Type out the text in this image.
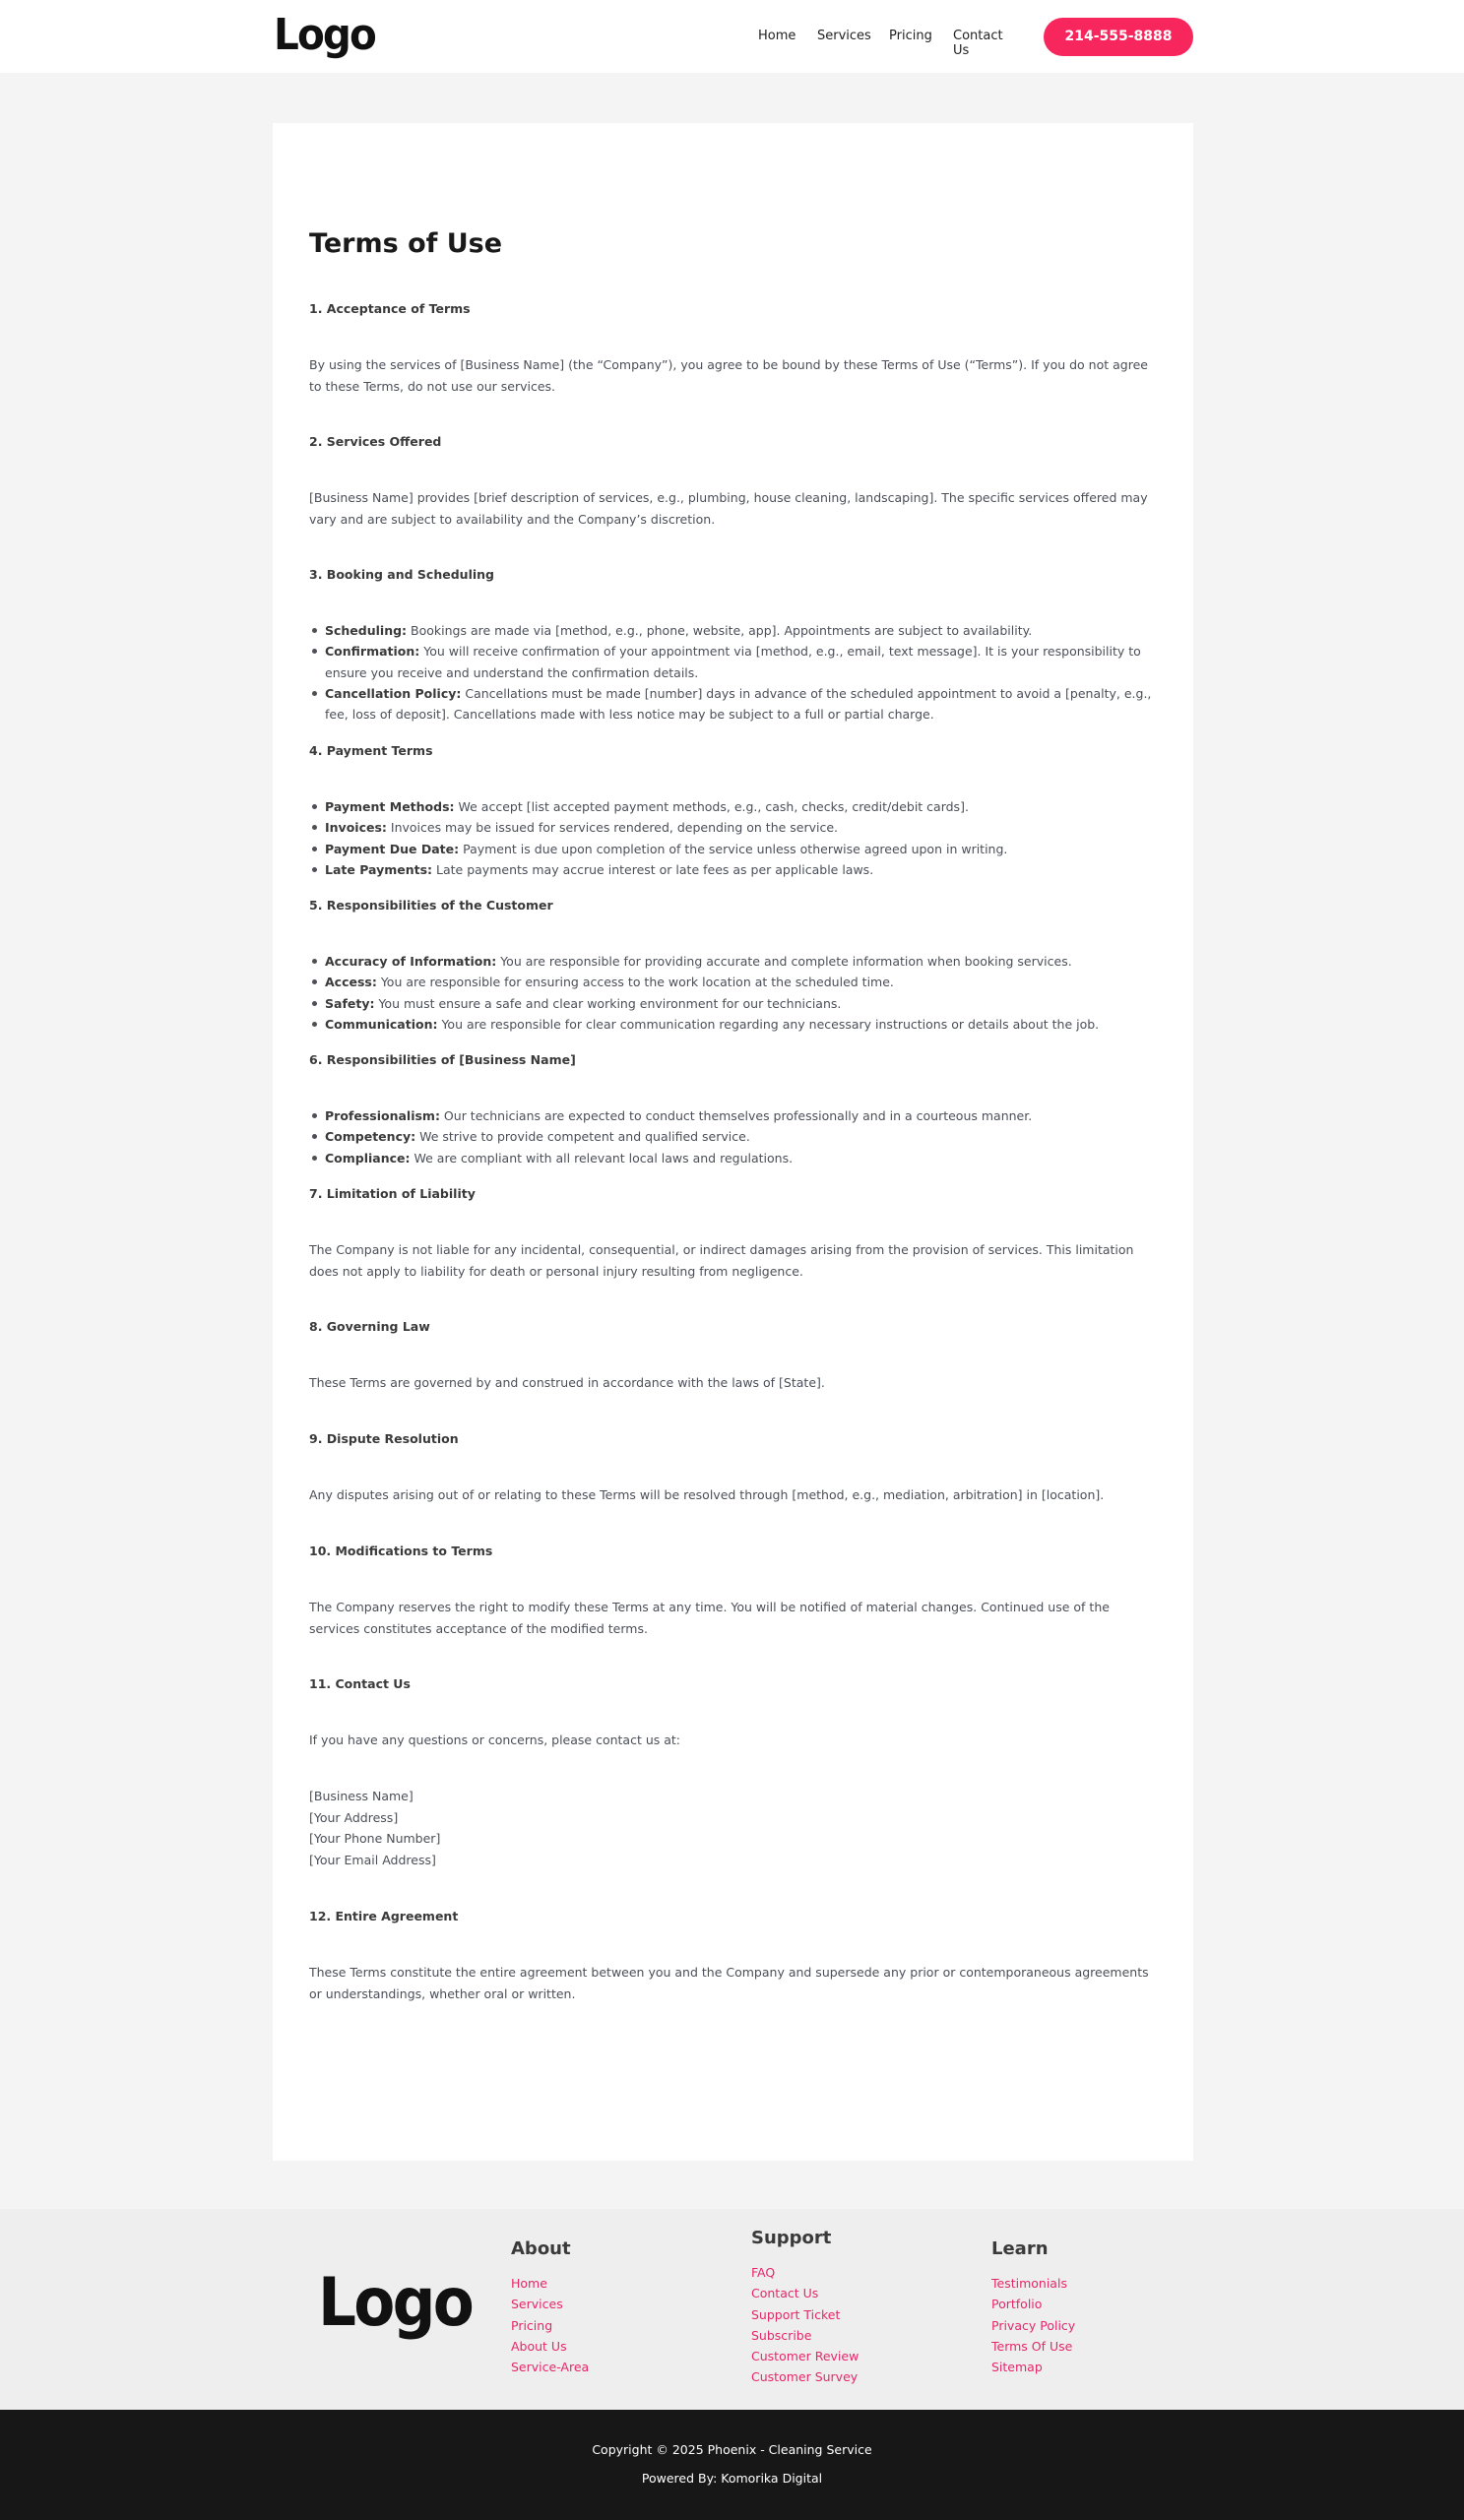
Logo	Home Services Pricing Contact Us
214-555-8888
Terms of Use
1. Acceptance of Terms

By using the services of [Business Name] (the “Company”), you agree to be bound by these Terms of Use (“Terms”). If you do not agree to these Terms, do not use our services.

2. Services Offered

[Business Name] provides [brief description of services, e.g., plumbing, house cleaning, landscaping]. The specific services offered may vary and are subject to availability and the Company’s discretion.

3. Booking and Scheduling
Scheduling: Bookings are made via [method, e.g., phone, website, app]. Appointments are subject to availability.
Confirmation: You will receive confirmation of your appointment via [method, e.g., email, text message]. It is your responsibility to ensure you receive and understand the confirmation details.
Cancellation Policy: Cancellations must be made [number] days in advance of the scheduled appointment to avoid a [penalty, e.g., fee, loss of deposit]. Cancellations made with less notice may be subject to a full or partial charge.
4. Payment Terms
Payment Methods: We accept [list accepted payment methods, e.g., cash, checks, credit/debit cards].
Invoices: Invoices may be issued for services rendered, depending on the service.
Payment Due Date: Payment is due upon completion of the service unless otherwise agreed upon in writing.
Late Payments: Late payments may accrue interest or late fees as per applicable laws.
5. Responsibilities of the Customer
Accuracy of Information: You are responsible for providing accurate and complete information when booking services.
Access: You are responsible for ensuring access to the work location at the scheduled time.
Safety: You must ensure a safe and clear working environment for our technicians.
Communication: You are responsible for clear communication regarding any necessary instructions or details about the job.
6. Responsibilities of [Business Name]
Professionalism: Our technicians are expected to conduct themselves professionally and in a courteous manner.
Competency: We strive to provide competent and qualified service.
Compliance: We are compliant with all relevant local laws and regulations.
7. Limitation of Liability

The Company is not liable for any incidental, consequential, or indirect damages arising from the provision of services. This limitation does not apply to liability for death or personal injury resulting from negligence.

8. Governing Law

These Terms are governed by and construed in accordance with the laws of [State].

9. Dispute Resolution

Any disputes arising out of or relating to these Terms will be resolved through [method, e.g., mediation, arbitration] in [location].

10. Modifications to Terms

The Company reserves the right to modify these Terms at any time. You will be notified of material changes. Continued use of the services constitutes acceptance of the modified terms.

11. Contact Us

If you have any questions or concerns, please contact us at:

[Business Name]
[Your Address]
[Your Phone Number]
[Your Email Address]
12. Entire Agreement

These Terms constitute the entire agreement between you and the Company and supersede any prior or contemporaneous agreements or understandings, whether oral or written.

Logo
About
Home
Services
Pricing
About Us
Service-Area
Support
FAQ
Contact Us
Support Ticket
Subscribe
Customer Review
Customer Survey
Learn
Testimonials
Portfolio
Privacy Policy
Terms Of Use
Sitemap
Copyright © 2025 Phoenix - Cleaning Service
Powered By: Komorika Digital
